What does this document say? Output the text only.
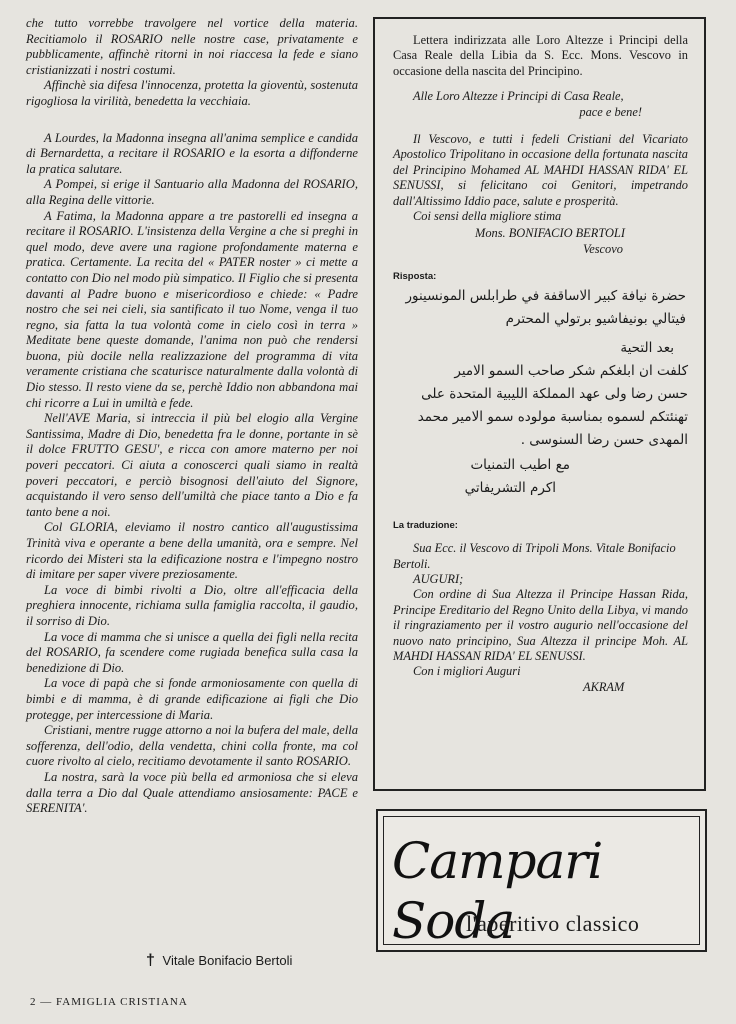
che tutto vorrebbe travolgere nel vortice della materia. Recitiamolo il ROSARIO nelle nostre case, privatamente e pubblicamente, affinchè ritorni in noi riaccesa la fede e siano cristianizzati i nostri costumi.

Affinchè sia difesa l'innocenza, protetta la gioventù, sostenuta rigogliosa la virilità, benedetta la vecchiaia.

A Lourdes, la Madonna insegna all'anima semplice e candida di Bernardetta, a recitare il ROSARIO e la esorta a diffonderne la pratica salutare.

A Pompei, si erige il Santuario alla Madonna del ROSARIO, alla Regina delle vittorie.

A Fatima, la Madonna appare a tre pastorelli ed insegna a recitare il ROSARIO. L'insistenza della Vergine a che si preghi in quel modo, deve avere una ragione profondamente materna e pratica. Certamente. La recita del « PATER noster » ci mette a contatto con Dio nel modo più simpatico. Il Figlio che si presenta davanti al Padre buono e misericordioso e chiede: « Padre nostro che sei nei cieli, sia santificato il tuo Nome, venga il tuo regno, sia fatta la tua volontà come in cielo così in terra » Meditate bene queste domande, l'anima non può che rendersi buona, più docile nella realizzazione del programma di vita veramente cristiana che scaturisce naturalmente dalla volontà di Dio stesso. Il resto viene da se, perchè Iddio non abbandona mai chi ricorre a Lui in umiltà e fede.

Nell'AVE Maria, si intreccia il più bel elogio alla Vergine Santissima, Madre di Dio, benedetta fra le donne, portante in sè il dolce FRUTTO GESU', e ricca con amore materno per noi poveri peccatori. Ci aiuta a conoscerci quali siamo in realtà poveri peccatori, e perciò bisognosi dell'aiuto del Signore, acquistando il vero senso dell'umiltà che piace tanto a Dio e fa tanto bene a noi.

Col GLORIA, eleviamo il nostro cantico all'augustissima Trinità viva e operante a bene della umanità, ora e sempre. Nel ricordo dei Misteri sta la edificazione nostra e l'impegno nostro di imitare per saper vivere preziosamente.

La voce di bimbi rivolti a Dio, oltre all'efficacia della preghiera innocente, richiama sulla famiglia raccolta, il gaudio, il sorriso di Dio.

La voce di mamma che si unisce a quella dei figli nella recita del ROSARIO, fa scendere come rugiada benefica sulla casa la benedizione di Dio.

La voce di papà che si fonde armoniosamente con quella di bimbi e di mamma, è di grande edificazione ai figli che Dio protegge, per intercessione di Maria.

Cristiani, mentre rugge attorno a noi la bufera del male, della sofferenza, dell'odio, della vendetta, chini colla fronte, ma col cuore rivolto al cielo, recitiamo devotamente il santo ROSARIO.

La nostra, sarà la voce più bella ed armoniosa che si eleva dalla terra a Dio dal Quale attendiamo ansiosamente: PACE e SERENITA'.

† Vitale Bonifacio Bertoli

Lettera indirizzata alle Loro Altezze i Principi della Casa Reale della Libia da S. Ecc. Mons. Vescovo in occasione della nascita del Principino.

Alle Loro Altezze i Principi di Casa Reale,

pace e bene!

Il Vescovo, e tutti i fedeli Cristiani del Vicariato Apostolico Tripolitano in occasione della fortunata nascita del Principino Mohamed AL MAHDI HASSAN RIDA' EL SENUSSI, si felicitano coi Genitori, impetrando dall'Altissimo Iddio pace, salute e prosperità.

Coi sensi della migliore stima

Mons. BONIFACIO BERTOLI
Vescovo

Risposta:

حضرة نيافة كبير الاساقفة في طرابلس المونسينور

فيتالي بونيفاشيو برتولي المحترم

بعد التحية

كلفت ان ابلغكم شكر صاحب السمو الامير

حسن رضا ولى عهد المملكة الليبية المتحدة على

تهنئتكم لسموه بمناسبة مولوده سمو الامير محمد

المهدى حسن رضا السنوسى .

مع اطيب التمنيات

اكرم التشريفاتي

La traduzione:

Sua Ecc. il Vescovo di Tripoli Mons. Vitale Bonifacio Bertoli.

AUGURI;

Con ordine di Sua Altezza il Principe Hassan Rida, Principe Ereditario del Regno Unito della Libya, vi mando il ringraziamento per il vostro augurio nell'occasione del nuovo nato principino, Sua Altezza il principe Moh. AL MAHDI HASSAN RIDA' EL SENUSSI.

Con i migliori Auguri

AKRAM

Campari Soda
l'aperitivo classico
2 — FAMIGLIA CRISTIANA
